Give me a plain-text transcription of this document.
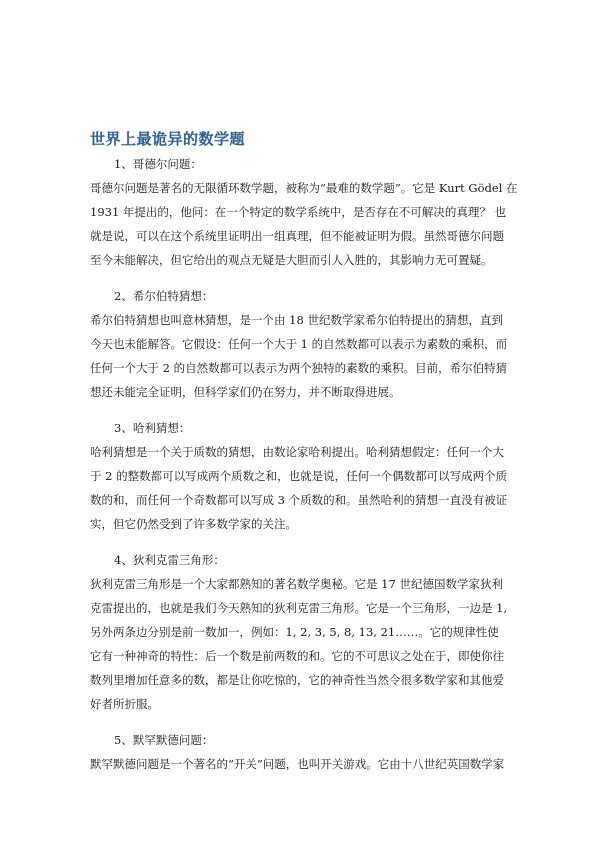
世界上最诡异的数学题

1、哥德尔问题：

哥德尔问题是著名的无限循环数学题，被称为“最难的数学题”。它是 Kurt Gödel 在
1931 年提出的，他问：在一个特定的数学系统中，是否存在不可解决的真理？ 也
就是说，可以在这个系统里证明出一组真理，但不能被证明为假。虽然哥德尔问题
至今未能解决，但它给出的观点无疑是大胆而引人入胜的，其影响力无可置疑。

2、希尔伯特猜想：

希尔伯特猜想也叫意林猜想，是一个由 18 世纪数学家希尔伯特提出的猜想，直到
今天也未能解答。它假设：任何一个大于 1 的自然数都可以表示为素数的乘积，而
任何一个大于 2 的自然数都可以表示为两个独特的素数的乘积。目前，希尔伯特猜
想还未能完全证明，但科学家们仍在努力，并不断取得进展。

3、哈利猜想：

哈利猜想是一个关于质数的猜想，由数论家哈利提出。哈利猜想假定：任何一个大
于 2 的整数都可以写成两个质数之和，也就是说，任何一个偶数都可以写成两个质
数的和，而任何一个奇数都可以写成 3 个质数的和。虽然哈利的猜想一直没有被证
实，但它仍然受到了许多数学家的关注。

4、狄利克雷三角形：

狄利克雷三角形是一个大家都熟知的著名数学奥秘。它是 17 世纪德国数学家狄利
克雷提出的，也就是我们今天熟知的狄利克雷三角形。它是一个三角形，一边是 1,
另外两条边分别是前一数加一，例如：1, 2, 3, 5, 8, 13, 21……。它的规律性使
它有一种神奇的特性：后一个数是前两数的和。它的不可思议之处在于，即使你往
数列里增加任意多的数，都是让你吃惊的，它的神奇性当然令很多数学家和其他爱
好者所折服。

5、默罕默德问题：

默罕默德问题是一个著名的“开关”问题，也叫开关游戏。它由十八世纪英国数学家
